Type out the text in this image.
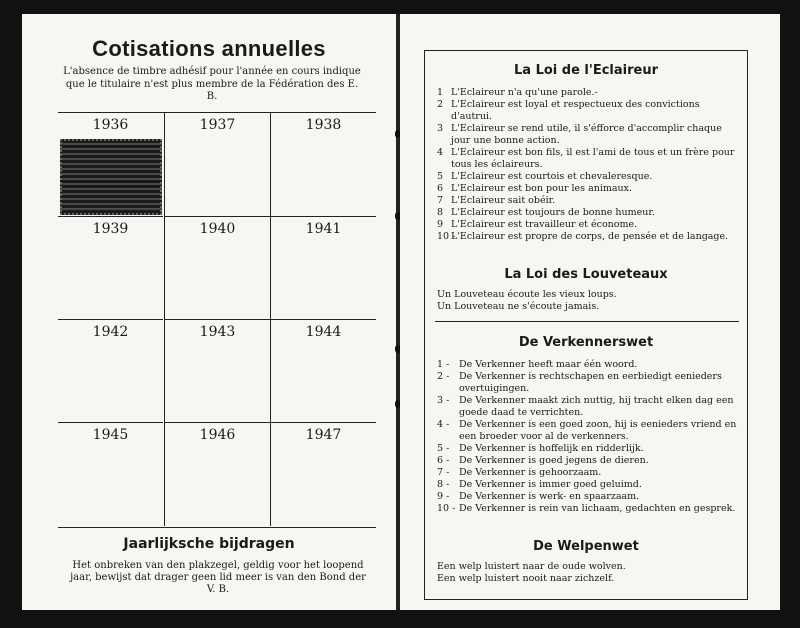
Cotisations annuelles
L'absence de timbre adhésif pour l'année en cours indique que le titulaire n'est plus membre de la Fédération des E. B.
1936	1937	1938
1939	1940	1941
1942	1943	1944
1945	1946	1947
Jaarlijksche bijdragen
Het onbreken van den plakzegel, geldig voor het loopend jaar, bewijst dat drager geen lid meer is van den Bond der V. B.
La Loi de l'Eclaireur
1 L'Eclaireur n'a qu'une parole.-
2 L'Eclaireur est loyal et respectueux des convictions d'autrui.
3 L'Eclaireur se rend utile, il s'éfforce d'accomplir chaque jour une bonne action.
4 L'Eclaireur est bon fils, il est l'ami de tous et un frère pour tous les éclaireurs.
5 L'Eclaireur est courtois et chevaleresque.
6 L'Eclaireur est bon pour les animaux.
7 L'Eclaireur sait obéir.
8 L'Eclaireur est toujours de bonne humeur.
9 L'Eclaireur est travailleur et économe.
10 -
L'Eclaireur est propre de corps, de pensée et de langage.
La Loi des Louveteaux
Un Louveteau écoute les vieux loups.
Un Louveteau ne s'écoute jamais.
De Verkennerswet
1 - De Verkenner heeft maar één woord.
2 - De Verkenner is rechtschapen en eerbiedigt eenieders overtuigingen.
3 - De Verkenner maakt zich nuttig, hij tracht elken dag een goede daad te verrichten.
4 - De Verkenner is een goed zoon, hij is eenieders vriend en een broeder voor al de verkenners.
5 - De Verkenner is hoffelijk en ridderlijk.
6 - De Verkenner is goed jegens de dieren.
7 - De Verkenner is gehoorzaam.
8 - De Verkenner is immer goed geluimd.
9 - De Verkenner is werk- en spaarzaam.
10 - De Verkenner is rein van lichaam, gedachten en gesprek.
De Welpenwet
Een welp luistert naar de oude wolven.
Een welp luistert nooit naar zichzelf.
